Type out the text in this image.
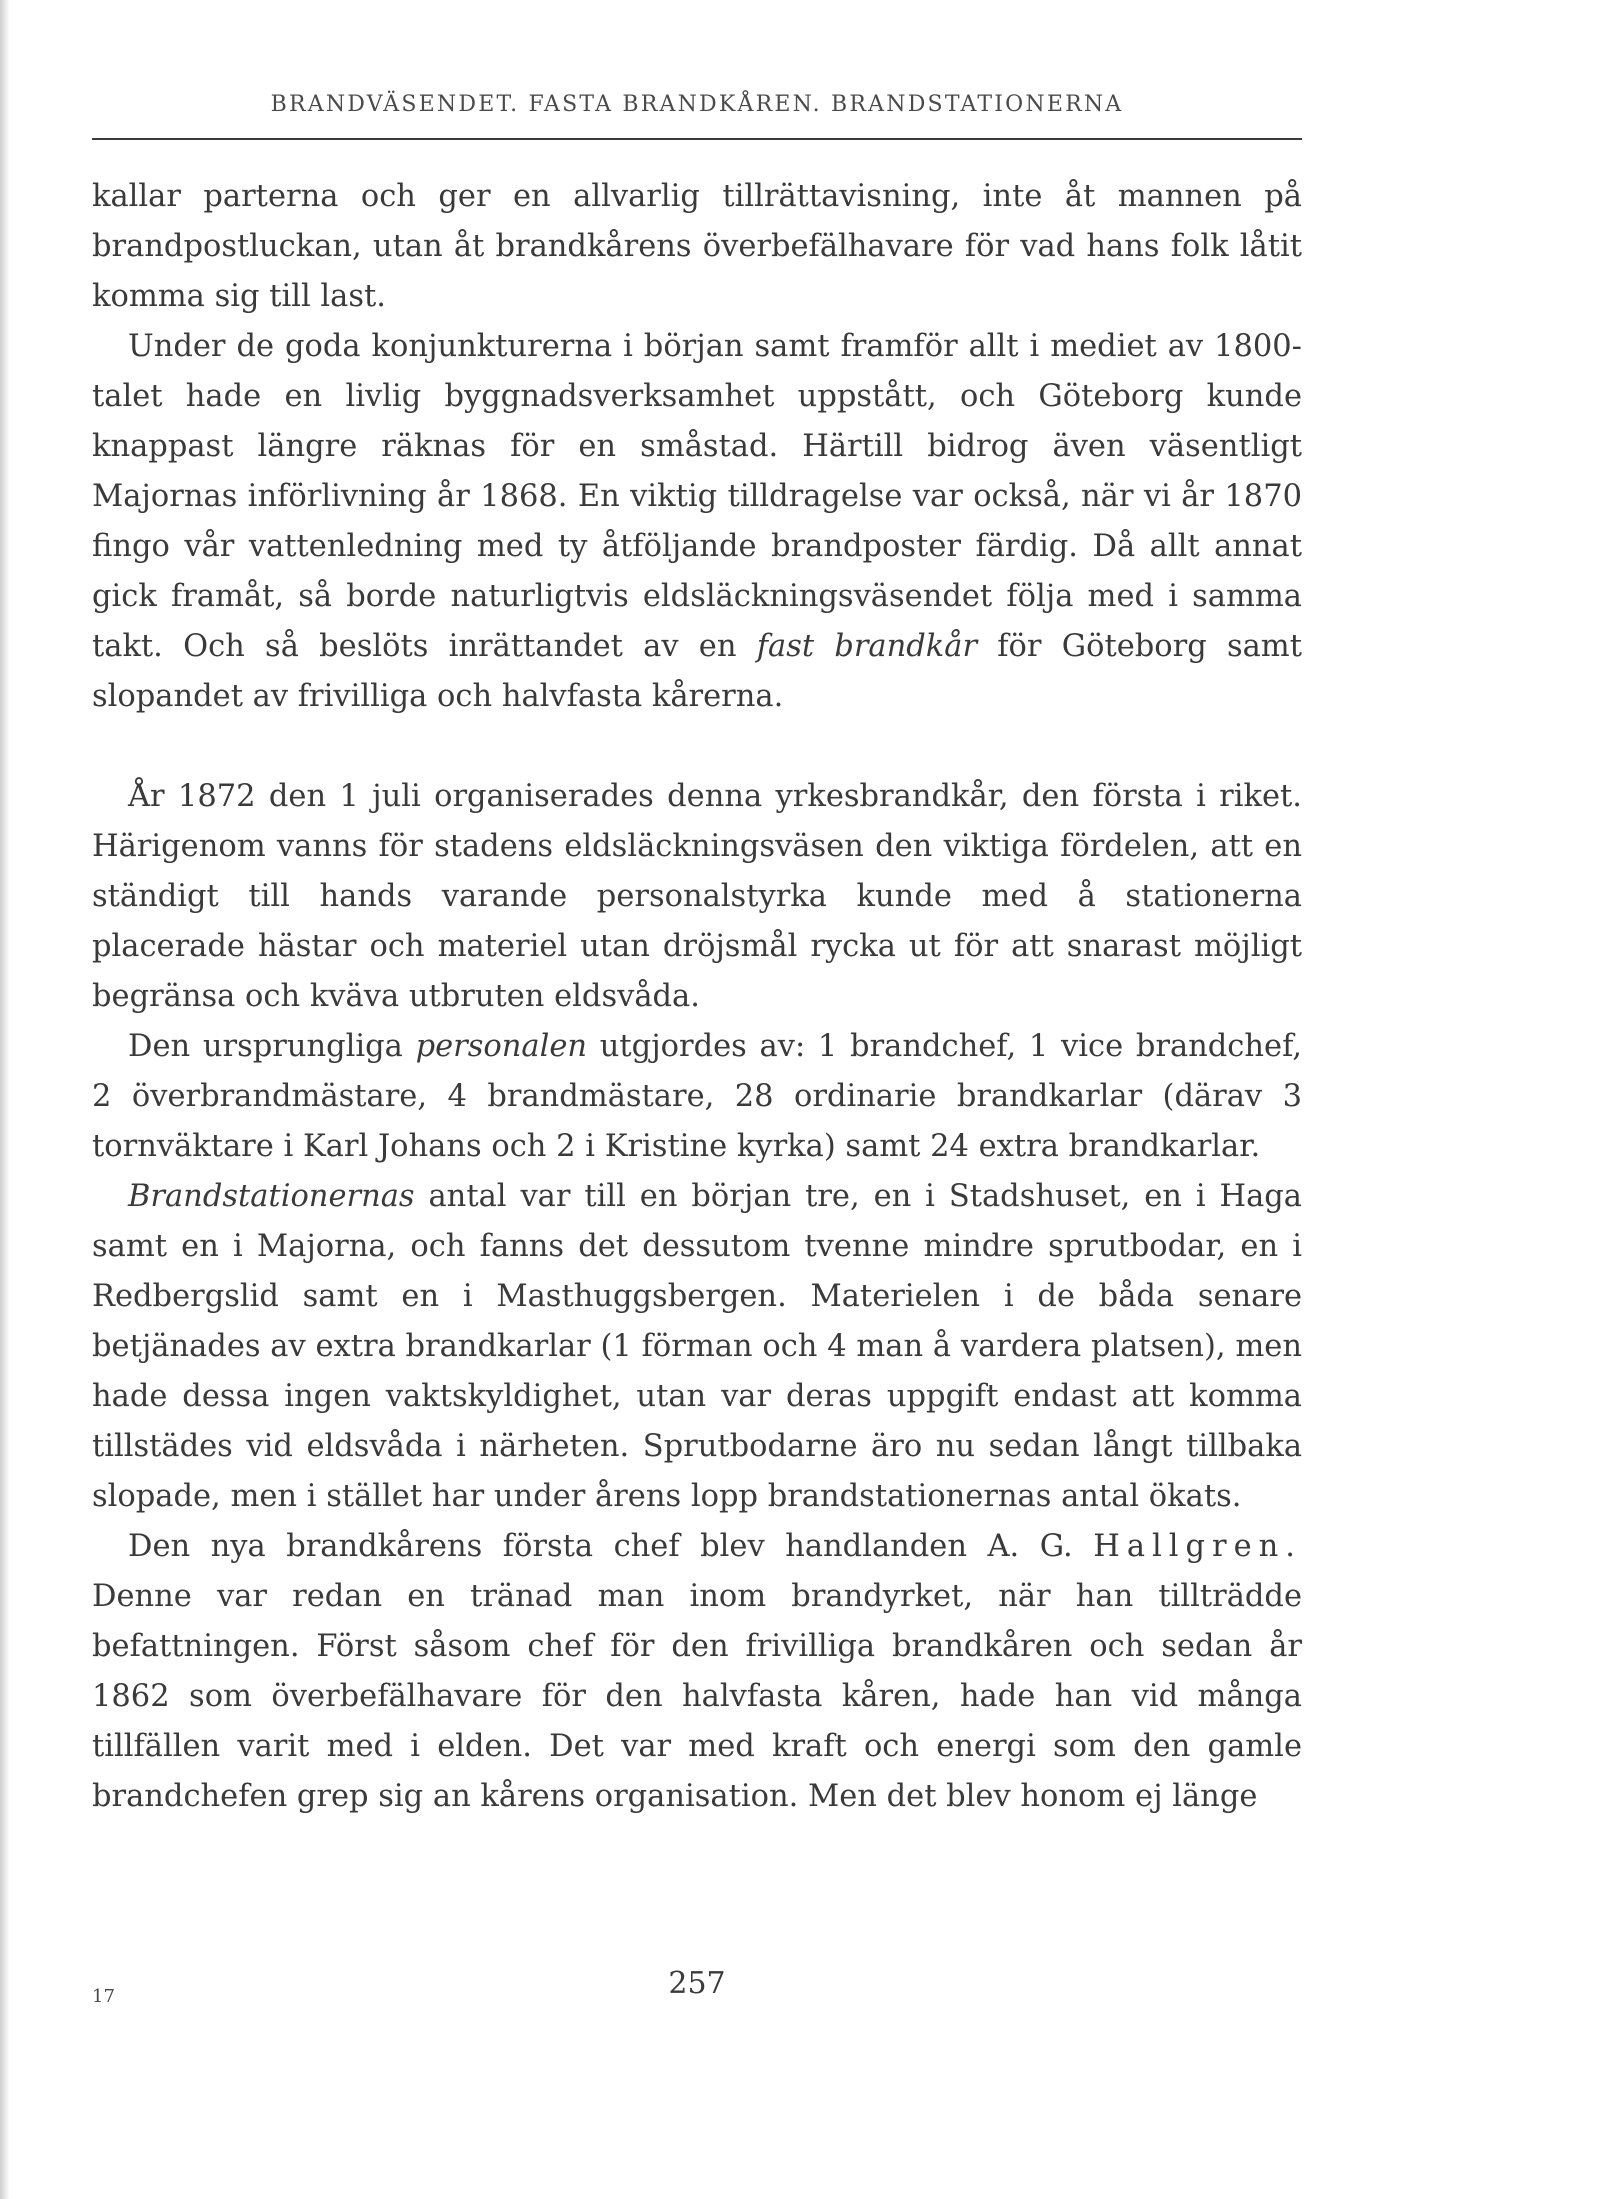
BRANDVÄSENDET. FASTA BRANDKÅREN. BRANDSTATIONERNA

kallar parterna och ger en allvarlig tillrättavisning, inte åt mannen på brandpostluckan, utan åt brandkårens överbefälhavare för vad hans folk låtit komma sig till last.

Under de goda konjunkturerna i början samt framför allt i mediet av 1800-talet hade en livlig byggnadsverksamhet uppstått, och Göteborg kunde knappast längre räknas för en småstad. Härtill bidrog även väsentligt Majornas införlivning år 1868. En viktig tilldragelse var också, när vi år 1870 fingo vår vattenledning med ty åtföljande brandposter färdig. Då allt annat gick framåt, så borde naturligtvis eldsläckningsväsendet följa med i samma takt. Och så beslöts inrättandet av en fast brandkår för Göteborg samt slopandet av frivilliga och halvfasta kårerna.

År 1872 den 1 juli organiserades denna yrkesbrandkår, den första i riket. Härigenom vanns för stadens eldsläckningsväsen den viktiga fördelen, att en ständigt till hands varande personalstyrka kunde med å stationerna placerade hästar och materiel utan dröjsmål rycka ut för att snarast möjligt begränsa och kväva utbruten eldsvåda.

Den ursprungliga personalen utgjordes av: 1 brandchef, 1 vice brandchef, 2 överbrandmästare, 4 brandmästare, 28 ordinarie brandkarlar (därav 3 tornväktare i Karl Johans och 2 i Kristine kyrka) samt 24 extra brandkarlar.

Brandstationernas antal var till en början tre, en i Stadshuset, en i Haga samt en i Majorna, och fanns det dessutom tvenne mindre sprutbodar, en i Redbergslid samt en i Masthuggsbergen. Materielen i de båda senare betjänades av extra brandkarlar (1 förman och 4 man å vardera platsen), men hade dessa ingen vaktskyldighet, utan var deras uppgift endast att komma tillstädes vid eldsvåda i närheten. Sprutbodarne äro nu sedan långt tillbaka slopade, men i stället har under årens lopp brandstationernas antal ökats.

Den nya brandkårens första chef blev handlanden A. G. Hallgren. Denne var redan en tränad man inom brandyrket, när han tillträdde befattningen. Först såsom chef för den frivilliga brandkåren och sedan år 1862 som överbefälhavare för den halvfasta kåren, hade han vid många tillfällen varit med i elden. Det var med kraft och energi som den gamle brandchefen grep sig an kårens organisation. Men det blev honom ej länge

17	257
